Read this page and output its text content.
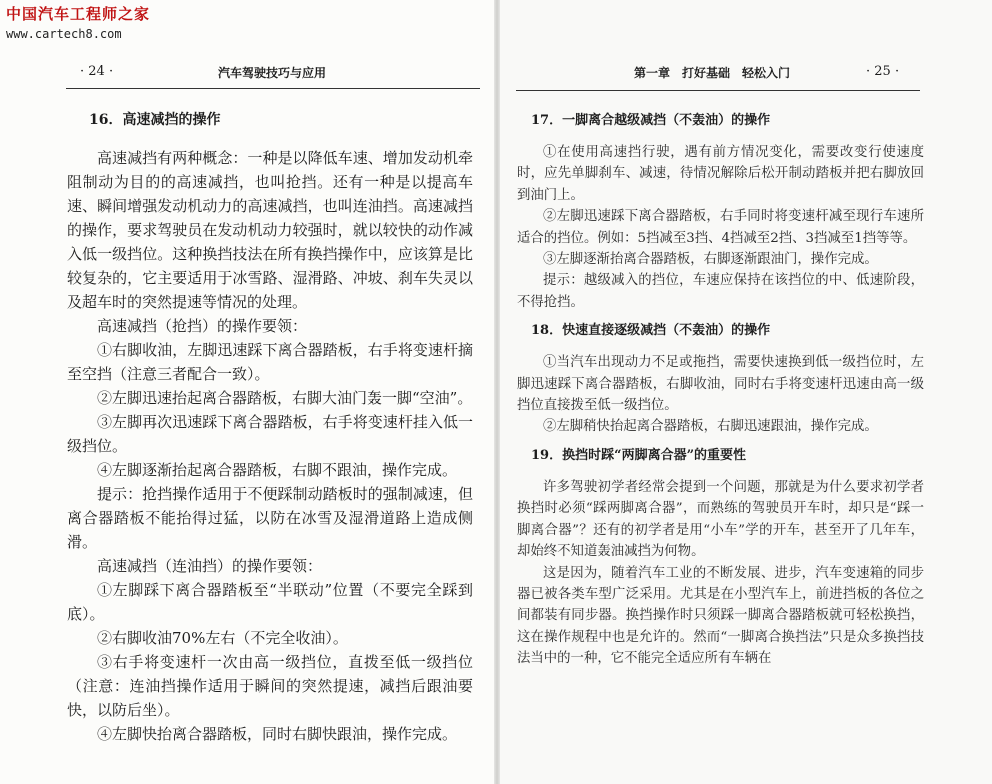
· 24 ·	汽车驾驶技巧与应用
16．高速减挡的操作

高速减挡有两种概念：一种是以降低车速、增加发动机牵阻制动为目的的高速减挡，也叫抢挡。还有一种是以提高车速、瞬间增强发动机动力的高速减挡，也叫连油挡。高速减挡的操作，要求驾驶员在发动机动力较强时，就以较快的动作减入低一级挡位。这种换挡技法在所有换挡操作中，应该算是比较复杂的，它主要适用于冰雪路、湿滑路、冲坡、刹车失灵以及超车时的突然提速等情况的处理。

高速减挡（抢挡）的操作要领：

①右脚收油，左脚迅速踩下离合器踏板，右手将变速杆摘至空挡（注意三者配合一致）。

②左脚迅速抬起离合器踏板，右脚大油门轰一脚“空油”。

③左脚再次迅速踩下离合器踏板，右手将变速杆挂入低一级挡位。

④左脚逐渐抬起离合器踏板，右脚不跟油，操作完成。

提示：抢挡操作适用于不便踩制动踏板时的强制减速，但离合器踏板不能抬得过猛，以防在冰雪及湿滑道路上造成侧滑。

高速减挡（连油挡）的操作要领：

①左脚踩下离合器踏板至“半联动”位置（不要完全踩到底）。

②右脚收油70%左右（不完全收油）。

③右手将变速杆一次由高一级挡位，直拨至低一级挡位（注意：连油挡操作适用于瞬间的突然提速，减挡后跟油要快，以防后坐）。

④左脚快抬离合器踏板，同时右脚快跟油，操作完成。

中国汽车工程师之家
www.cartech8.com
第一章　打好基础　轻松入门	· 25 ·
17．一脚离合越级减挡（不轰油）的操作

①在使用高速挡行驶，遇有前方情况变化，需要改变行使速度时，应先单脚刹车、减速，待情况解除后松开制动踏板并把右脚放回到油门上。

②左脚迅速踩下离合器踏板，右手同时将变速杆减至现行车速所适合的挡位。例如：5挡减至3挡、4挡减至2挡、3挡减至1挡等等。

③左脚逐渐抬离合器踏板，右脚逐渐跟油门，操作完成。

提示：越级减入的挡位，车速应保持在该挡位的中、低速阶段，不得抢挡。

18．快速直接逐级减挡（不轰油）的操作

①当汽车出现动力不足或拖挡，需要快速换到低一级挡位时，左脚迅速踩下离合器踏板，右脚收油，同时右手将变速杆迅速由高一级挡位直接拨至低一级挡位。

②左脚稍快抬起离合器踏板，右脚迅速跟油，操作完成。

19．换挡时踩“两脚离合器”的重要性

许多驾驶初学者经常会提到一个问题，那就是为什么要求初学者换挡时必须“踩两脚离合器”，而熟练的驾驶员开车时，却只是“踩一脚离合器”？还有的初学者是用“小车”学的开车，甚至开了几年车，却始终不知道轰油减挡为何物。

这是因为，随着汽车工业的不断发展、进步，汽车变速箱的同步器已被各类车型广泛采用。尤其是在小型汽车上，前进挡板的各位之间都装有同步器。换挡操作时只须踩一脚离合器踏板就可轻松换挡，这在操作规程中也是允许的。然而“一脚离合换挡法”只是众多换挡技法当中的一种，它不能完全适应所有车辆在
